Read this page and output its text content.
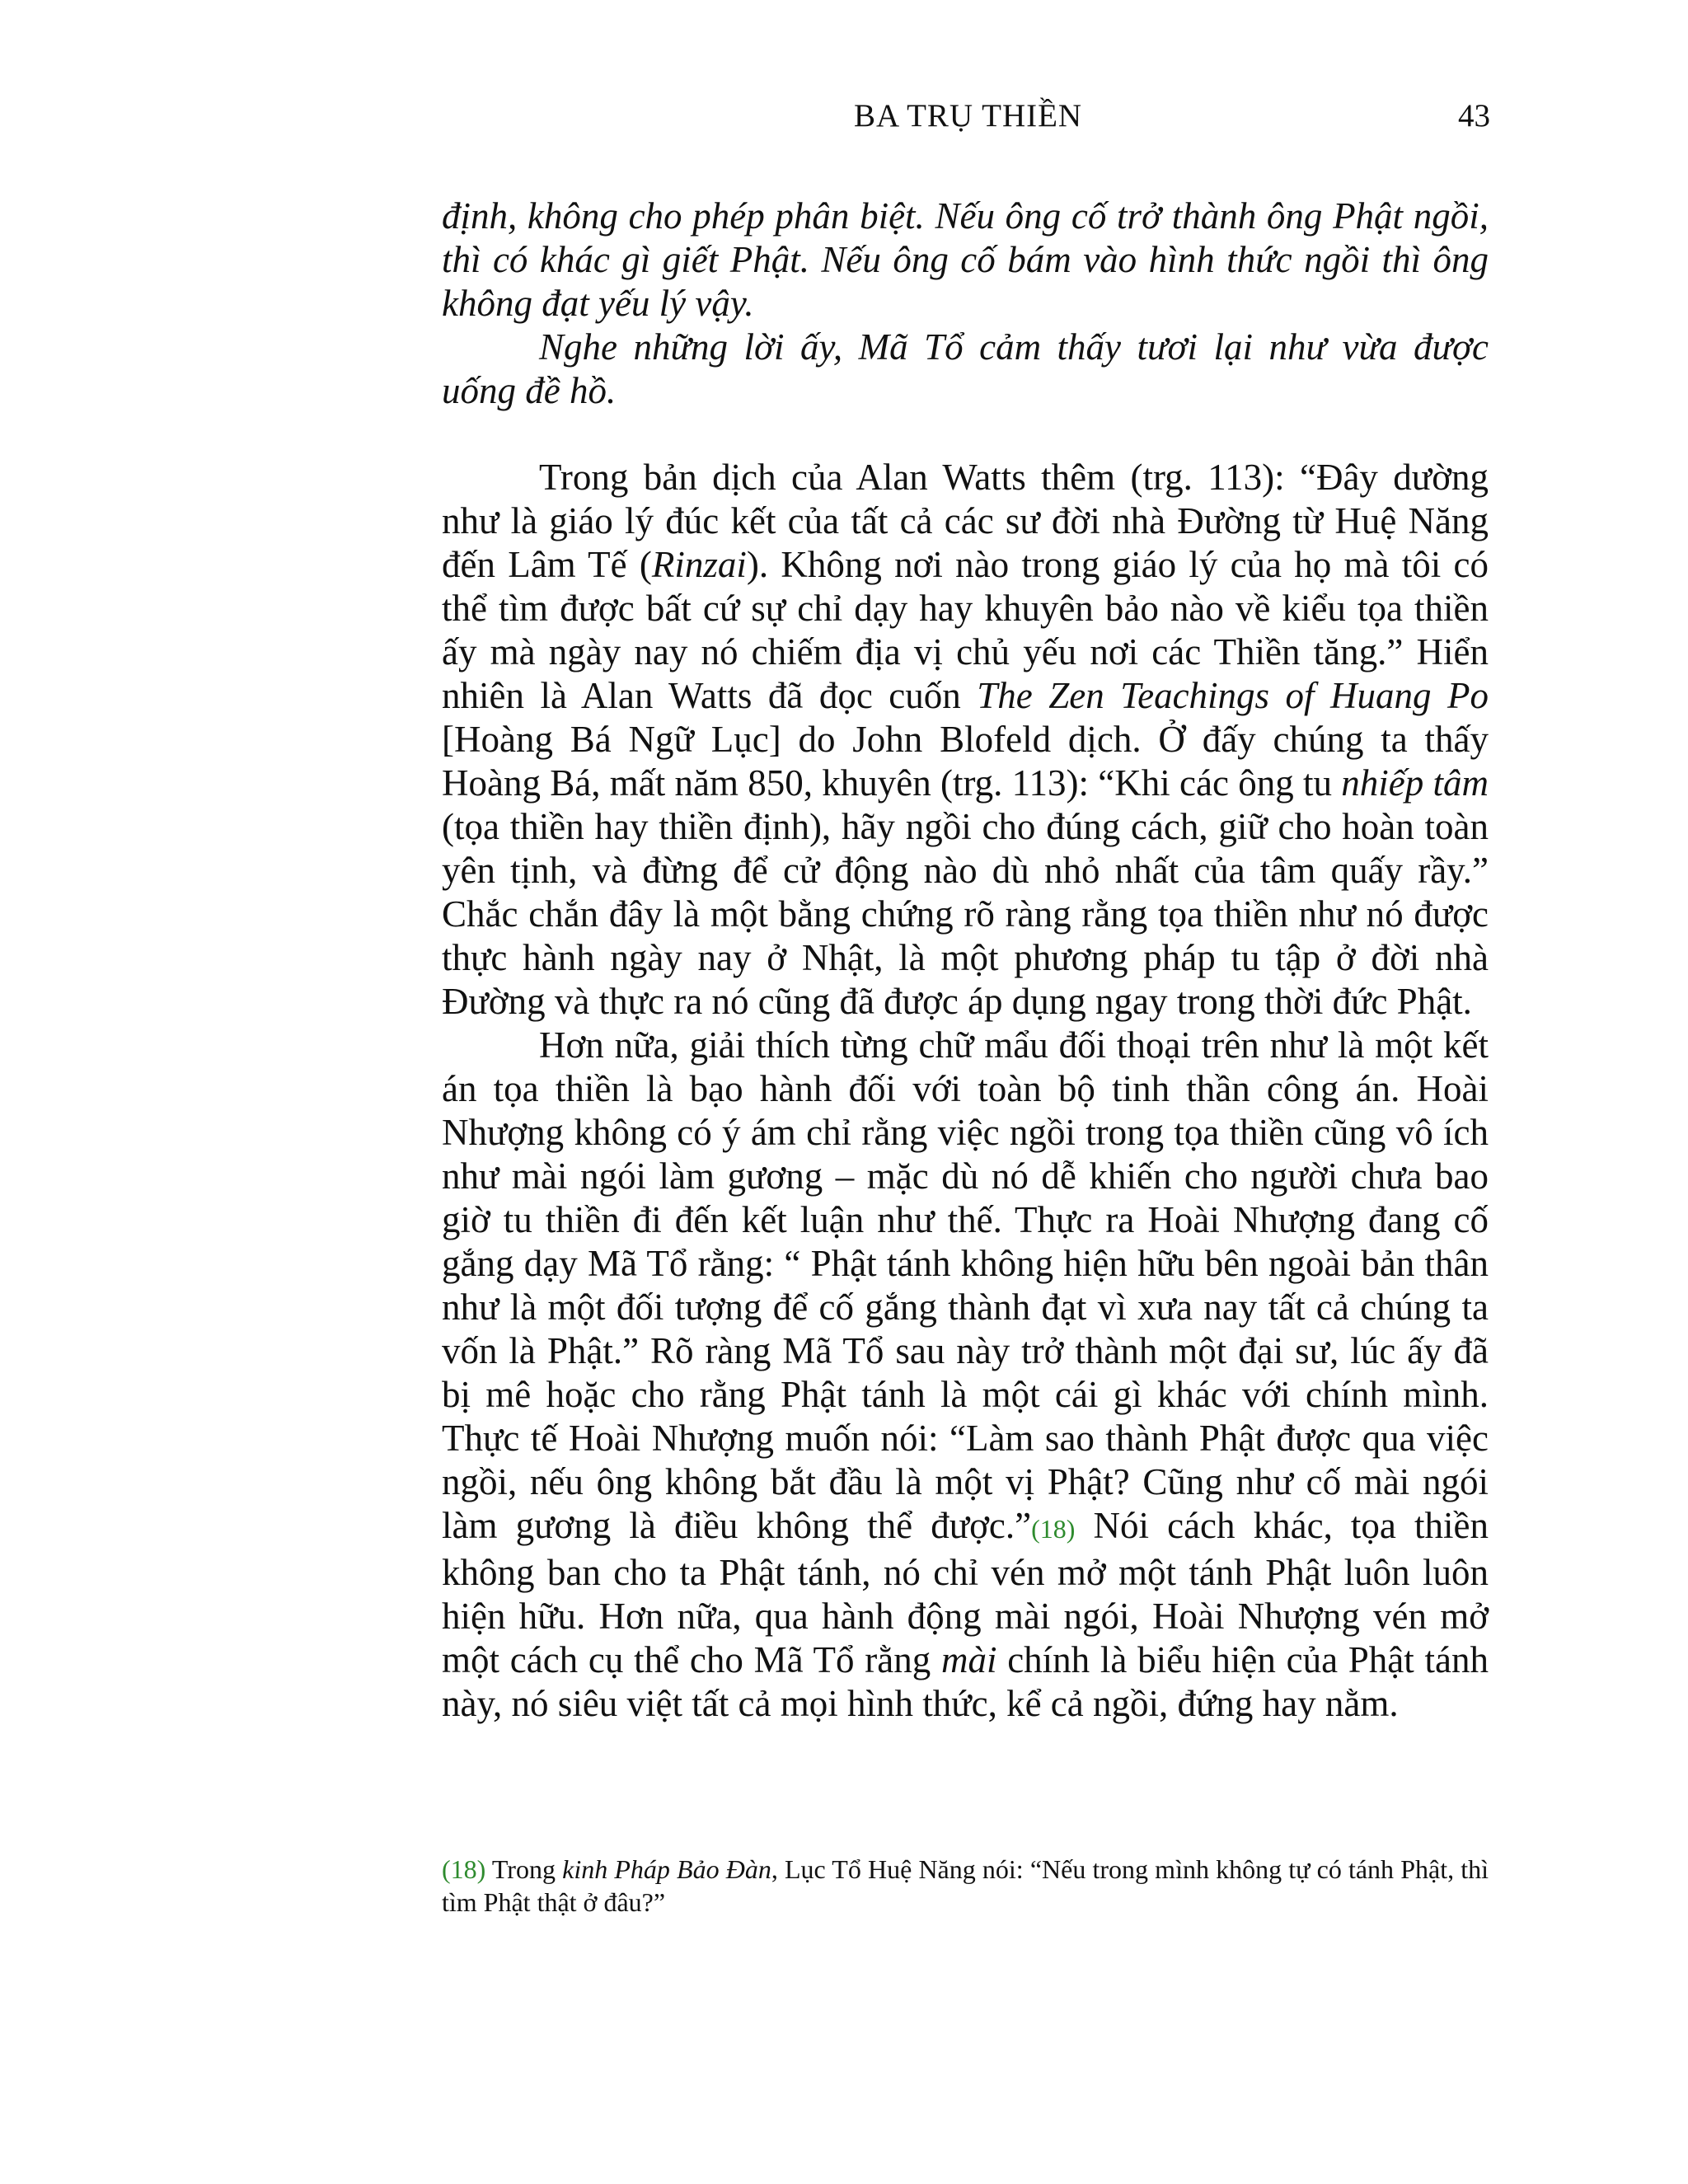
BA TRỤ THIỀN	43

định, không cho phép phân biệt. Nếu ông cố trở thành ông Phật ngồi, thì có khác gì giết Phật. Nếu ông cố bám vào hình thức ngồi thì ông không đạt yếu lý vậy.

Nghe những lời ấy, Mã Tổ cảm thấy tươi lại như vừa được uống đề hồ.

Trong bản dịch của Alan Watts thêm (trg. 113): “Đây dường như là giáo lý đúc kết của tất cả các sư đời nhà Đường từ Huệ Năng đến Lâm Tế (Rinzai). Không nơi nào trong giáo lý của họ mà tôi có thể tìm được bất cứ sự chỉ dạy hay khuyên bảo nào về kiểu tọa thiền ấy mà ngày nay nó chiếm địa vị chủ yếu nơi các Thiền tăng.” Hiển nhiên là Alan Watts đã đọc cuốn The Zen Teachings of Huang Po [Hoàng Bá Ngữ Lục] do John Blofeld dịch. Ở đấy chúng ta thấy Hoàng Bá, mất năm 850, khuyên (trg. 113): “Khi các ông tu nhiếp tâm (tọa thiền hay thiền định), hãy ngồi cho đúng cách, giữ cho hoàn toàn yên tịnh, và đừng để cử động nào dù nhỏ nhất của tâm quấy rầy.” Chắc chắn đây là một bằng chứng rõ ràng rằng tọa thiền như nó được thực hành ngày nay ở Nhật, là một phương pháp tu tập ở đời nhà Đường và thực ra nó cũng đã được áp dụng ngay trong thời đức Phật.

Hơn nữa, giải thích từng chữ mẩu đối thoại trên như là một kết án tọa thiền là bạo hành đối với toàn bộ tinh thần công án. Hoài Nhượng không có ý ám chỉ rằng việc ngồi trong tọa thiền cũng vô ích như mài ngói làm gương – mặc dù nó dễ khiến cho người chưa bao giờ tu thiền đi đến kết luận như thế. Thực ra Hoài Nhượng đang cố gắng dạy Mã Tổ rằng: “ Phật tánh không hiện hữu bên ngoài bản thân như là một đối tượng để cố gắng thành đạt vì xưa nay tất cả chúng ta vốn là Phật.” Rõ ràng Mã Tổ sau này trở thành một đại sư, lúc ấy đã bị mê hoặc cho rằng Phật tánh là một cái gì khác với chính mình. Thực tế Hoài Nhượng muốn nói: “Làm sao thành Phật được qua việc ngồi, nếu ông không bắt đầu là một vị Phật? Cũng như cố mài ngói làm gương là điều không thể được.”(18) Nói cách khác, tọa thiền không ban cho ta Phật tánh, nó chỉ vén mở một tánh Phật luôn luôn hiện hữu. Hơn nữa, qua hành động mài ngói, Hoài Nhượng vén mở một cách cụ thể cho Mã Tổ rằng mài chính là biểu hiện của Phật tánh này, nó siêu việt tất cả mọi hình thức, kể cả ngồi, đứng hay nằm.

(18) Trong kinh Pháp Bảo Đàn, Lục Tổ Huệ Năng nói: “Nếu trong mình không tự có tánh Phật, thì tìm Phật thật ở đâu?”
